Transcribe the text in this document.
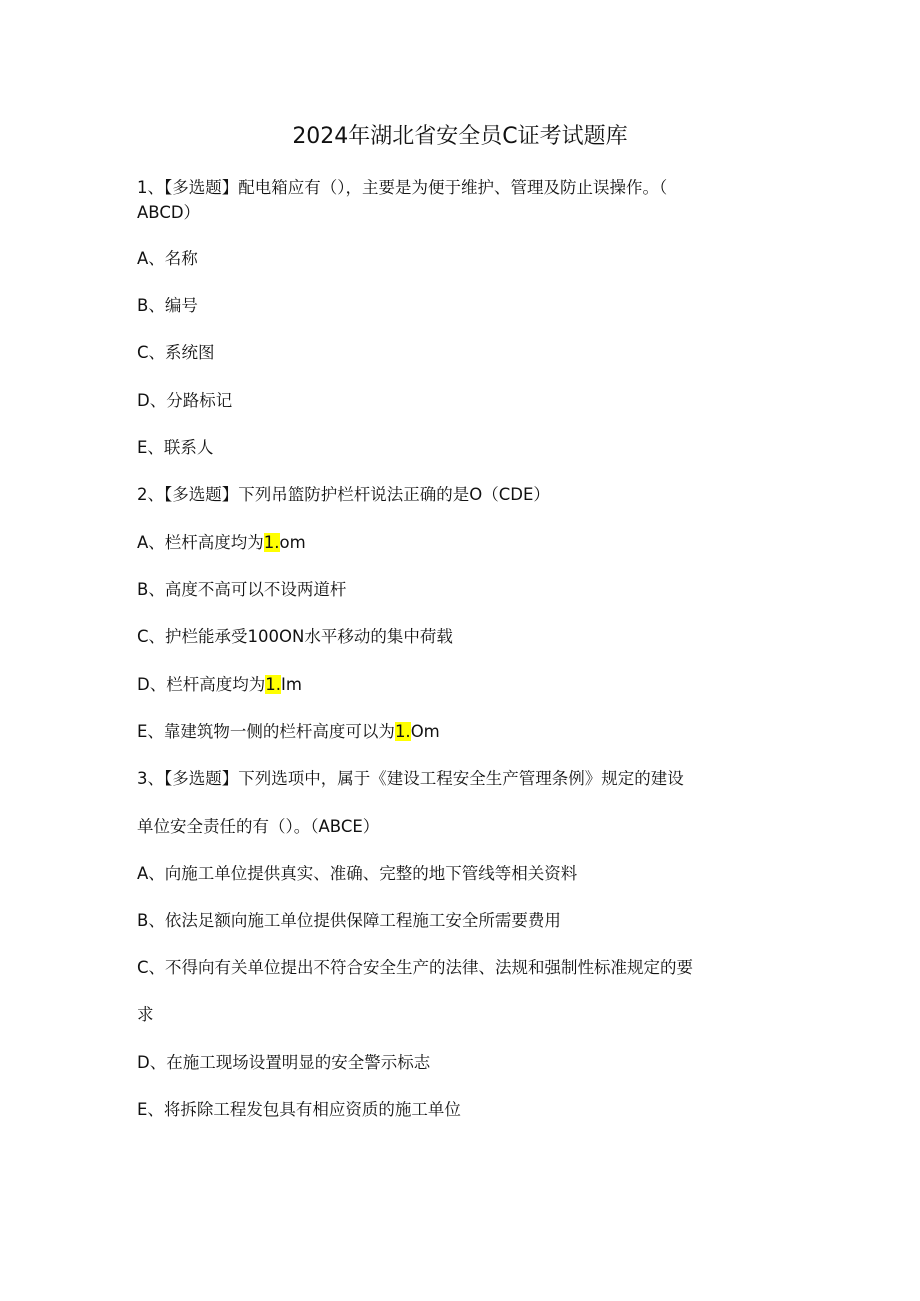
2024年湖北省安全员C证考试题库
1、【多选题】配电箱应有（），主要是为便于维护、管理及防止误操作。（
ABCD）
A、名称
B、编号
C、系统图
D、分路标记
E、联系人
2、【多选题】下列吊篮防护栏杆说法正确的是O（CDE）
A、栏杆高度均为1.om
B、高度不高可以不设两道杆
C、护栏能承受100ON水平移动的集中荷载
D、栏杆高度均为1.Im
E、靠建筑物一侧的栏杆高度可以为1.Om
3、【多选题】下列选项中，属于《建设工程安全生产管理条例》规定的建设
单位安全责任的有（）。（ABCE）
A、向施工单位提供真实、准确、完整的地下管线等相关资料
B、依法足额向施工单位提供保障工程施工安全所需要费用
C、不得向有关单位提出不符合安全生产的法律、法规和强制性标准规定的要
求
D、在施工现场设置明显的安全警示标志
E、将拆除工程发包具有相应资质的施工单位
